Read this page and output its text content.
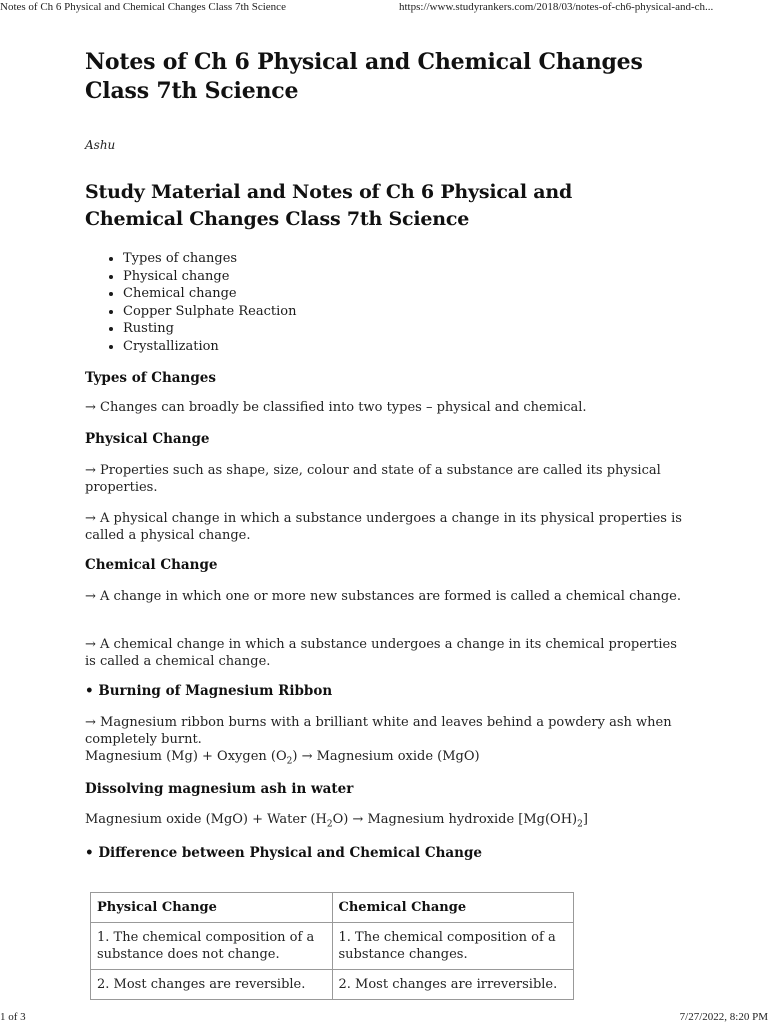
Notes of Ch 6 Physical and Chemical Changes Class 7th Science	https://www.studyrankers.com/2018/03/notes-of-ch6-physical-and-ch...
Notes of Ch 6 Physical and Chemical Changes
Class 7th Science

Ashu

Study Material and Notes of Ch 6 Physical and
Chemical Changes Class 7th Science
• Types of changes
• Physical change
• Chemical change
• Copper Sulphate Reaction
• Rusting
• Crystallization
Types of Changes
→ Changes can broadly be classified into two types – physical and chemical.
Physical Change
→ Properties such as shape, size, colour and state of a substance are called its physical properties.
→ A physical change in which a substance undergoes a change in its physical properties is called a physical change.
Chemical Change
→ A change in which one or more new substances are formed is called a chemical change.
→ A chemical change in which a substance undergoes a change in its chemical properties is called a chemical change.
• Burning of Magnesium Ribbon
→ Magnesium ribbon burns with a brilliant white and leaves behind a powdery ash when completely burnt.
Magnesium (Mg) + Oxygen $(O_2)$ → Magnesium oxide (MgO)
Dissolving magnesium ash in water
Magnesium oxide (MgO) + Water $(H_2O)$ → Magnesium hydroxide $[Mg(OH)_2]$
• Difference between Physical and Chemical Change
Physical Change	Chemical Change
1. The chemical composition of a substance does not change.	1. The chemical composition of a substance changes.
2. Most changes are reversible.	2. Most changes are irreversible.
1 of 3	7/27/2022, 8:20 PM
